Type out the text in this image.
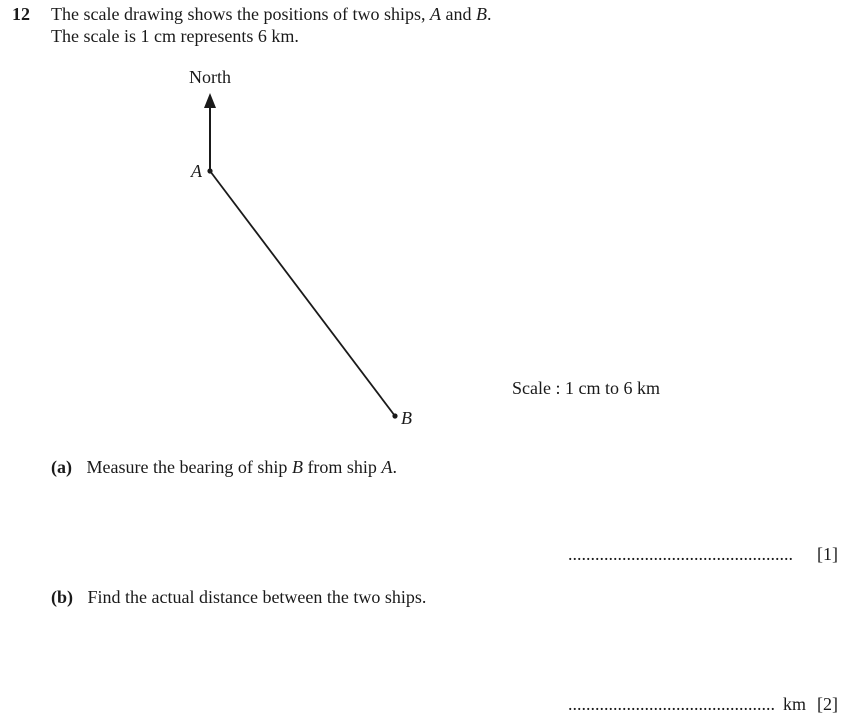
12 The scale drawing shows the positions of two ships, A and B.
The scale is 1 cm represents 6 km.
North
A
B
Scale : 1 cm to 6 km
(a) Measure the bearing of ship B from ship A.
.................................................. [1]
(b) Find the actual distance between the two ships.
.............................................. km [2]
